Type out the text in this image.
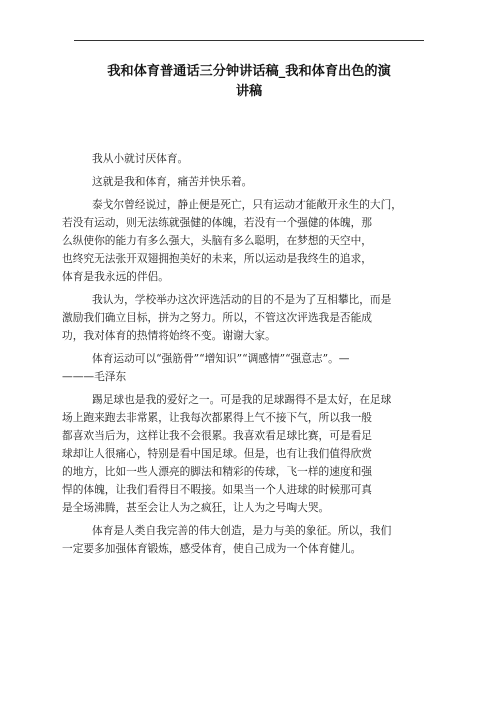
我和体育普通话三分钟讲话稿_我和体育出色的演
讲稿

我从小就讨厌体育。

这就是我和体育，痛苦并快乐着。

泰戈尔曾经说过，静止便是死亡，只有运动才能敞开永生的大门，
若没有运动，则无法练就强健的体魄，若没有一个强健的体魄，那
么纵使你的能力有多么强大，头脑有多么聪明，在梦想的天空中，
也终究无法张开双翅拥抱美好的未来，所以运动是我终生的追求，
体育是我永远的伴侣。

我认为，学校举办这次评选活动的目的不是为了互相攀比，而是
激励我们确立目标，拼为之努力。所以，不管这次评选我是否能成
功，我对体育的热情将始终不变。谢谢大家。

体育运动可以“强筋骨”“增知识”“调感情”“强意志”。—
———毛泽东

踢足球也是我的爱好之一。可是我的足球踢得不是太好，在足球
场上跑来跑去非常累，让我每次都累得上气不接下气，所以我一般
都喜欢当后为，这样让我不会很累。我喜欢看足球比赛，可是看足
球却让人很痛心，特别是看中国足球。但是，也有让我们值得欣赏
的地方，比如一些人漂亮的脚法和精彩的传球，飞一样的速度和强
悍的体魄，让我们看得目不暇接。如果当一个人进球的时候那可真
是全场沸腾，甚至会让人为之疯狂，让人为之号啕大哭。

体育是人类自我完善的伟大创造，是力与美的象征。所以，我们
一定要多加强体育锻炼，感受体育，使自己成为一个体育健儿。
